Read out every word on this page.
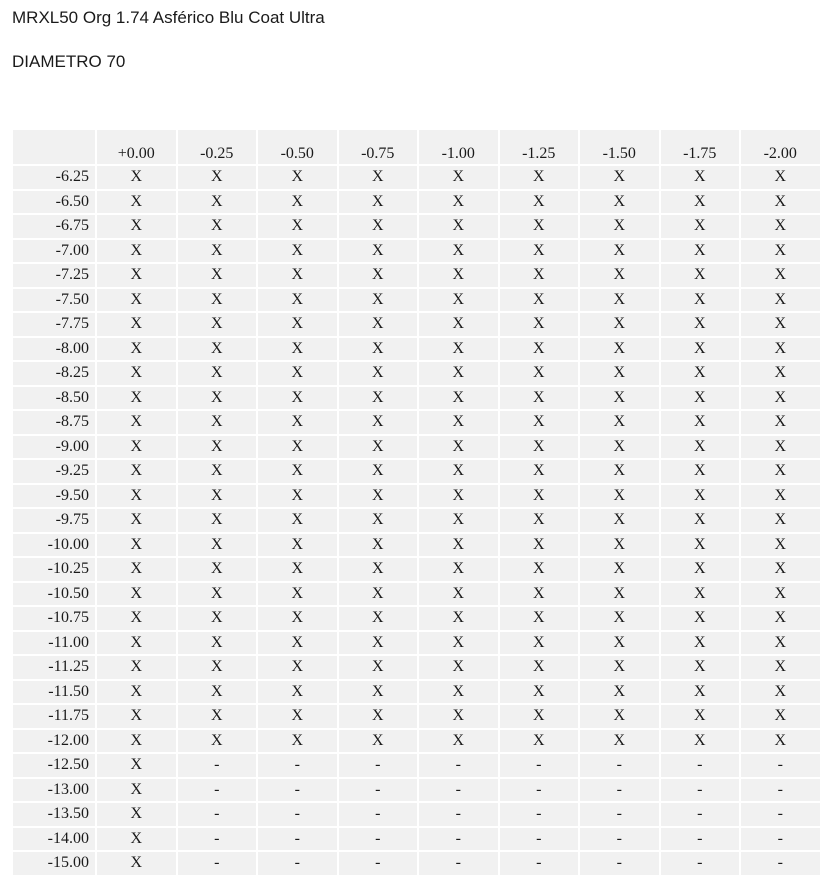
MRXL50 Org 1.74 Asférico Blu Coat Ultra
DIAMETRO 70
	+0.00	-0.25	-0.50	-0.75	-1.00	-1.25	-1.50	-1.75	-2.00
-6.25	X	X	X	X	X	X	X	X	X
-6.50	X	X	X	X	X	X	X	X	X
-6.75	X	X	X	X	X	X	X	X	X
-7.00	X	X	X	X	X	X	X	X	X
-7.25	X	X	X	X	X	X	X	X	X
-7.50	X	X	X	X	X	X	X	X	X
-7.75	X	X	X	X	X	X	X	X	X
-8.00	X	X	X	X	X	X	X	X	X
-8.25	X	X	X	X	X	X	X	X	X
-8.50	X	X	X	X	X	X	X	X	X
-8.75	X	X	X	X	X	X	X	X	X
-9.00	X	X	X	X	X	X	X	X	X
-9.25	X	X	X	X	X	X	X	X	X
-9.50	X	X	X	X	X	X	X	X	X
-9.75	X	X	X	X	X	X	X	X	X
-10.00	X	X	X	X	X	X	X	X	X
-10.25	X	X	X	X	X	X	X	X	X
-10.50	X	X	X	X	X	X	X	X	X
-10.75	X	X	X	X	X	X	X	X	X
-11.00	X	X	X	X	X	X	X	X	X
-11.25	X	X	X	X	X	X	X	X	X
-11.50	X	X	X	X	X	X	X	X	X
-11.75	X	X	X	X	X	X	X	X	X
-12.00	X	X	X	X	X	X	X	X	X
-12.50	X	-	-	-	-	-	-	-	-
-13.00	X	-	-	-	-	-	-	-	-
-13.50	X	-	-	-	-	-	-	-	-
-14.00	X	-	-	-	-	-	-	-	-
-15.00	X	-	-	-	-	-	-	-	-
